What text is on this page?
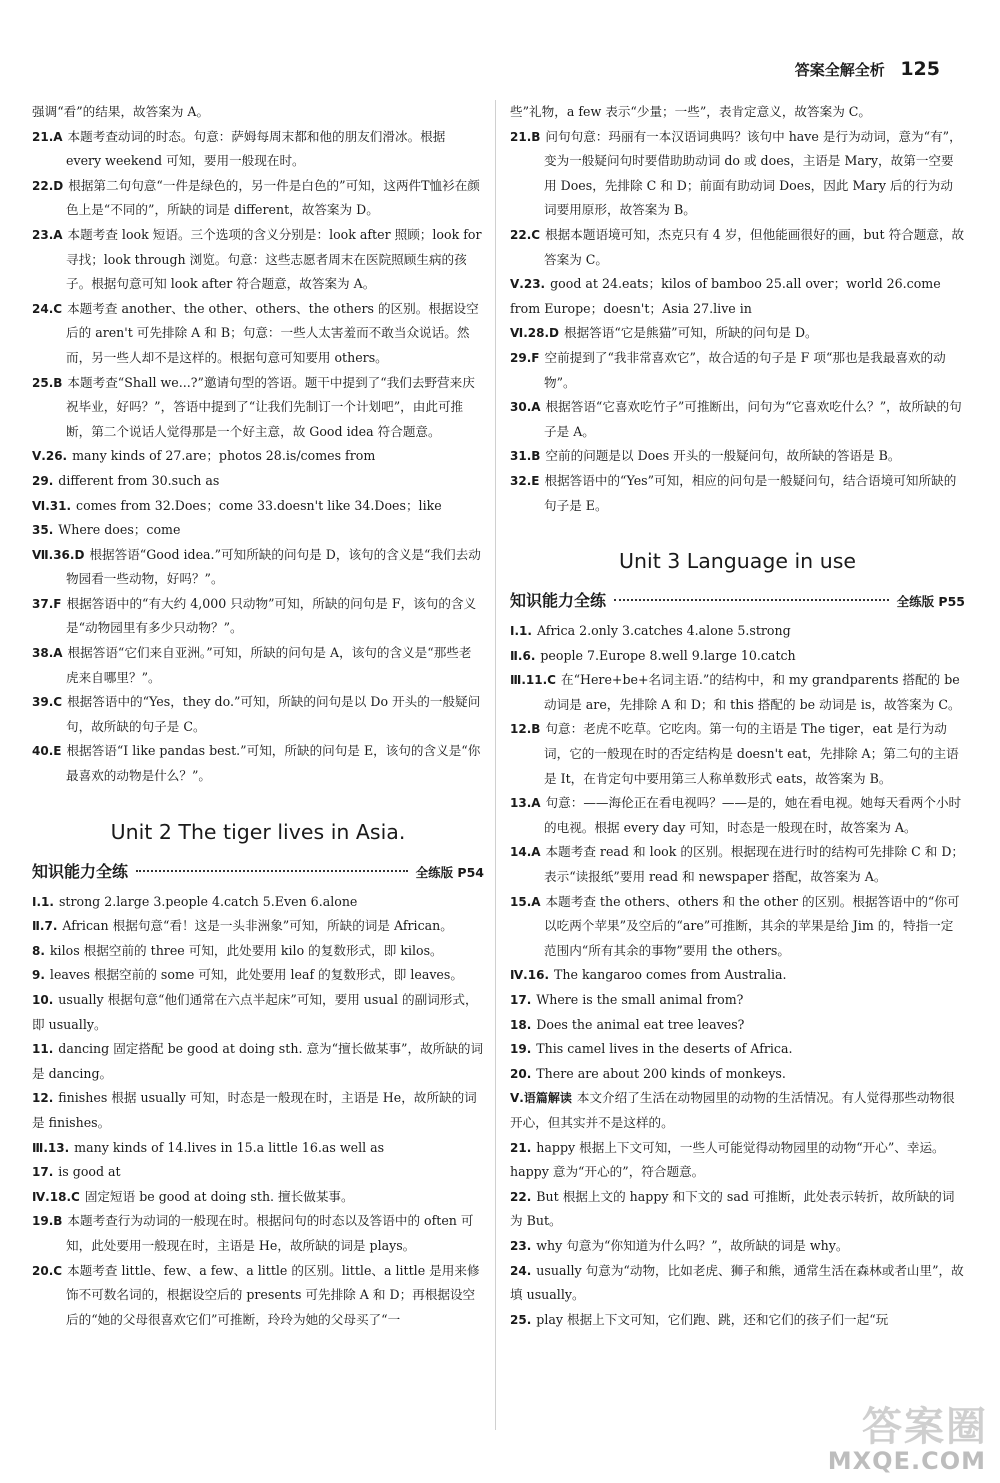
答案全解全析 125

强调“看”的结果，故答案为 A。

21.A 本题考查动词的时态。句意：萨姆每周末都和他的朋友们滑冰。根据 every weekend 可知，要用一般现在时。

22.D 根据第二句句意“一件是绿色的，另一件是白色的”可知，这两件T恤衫在颜色上是“不同的”，所缺的词是 different，故答案为 D。

23.A 本题考查 look 短语。三个选项的含义分别是：look after 照顾；look for 寻找；look through 浏览。句意：这些志愿者周末在医院照顾生病的孩子。根据句意可知 look after 符合题意，故答案为 A。

24.C 本题考查 another、the other、others、the others 的区别。根据设空后的 aren't 可先排除 A 和 B；句意：一些人太害羞而不敢当众说话。然而，另一些人却不是这样的。根据句意可知要用 others。

25.B 本题考查“Shall we...?”邀请句型的答语。题干中提到了“我们去野营来庆祝毕业，好吗？”，答语中提到了“让我们先制订一个计划吧”，由此可推断，第二个说话人觉得那是一个好主意，故 Good idea 符合题意。

Ⅴ.26. many kinds of 27.are；photos 28.is/comes from

29. different from 30.such as

Ⅵ.31. comes from 32.Does；come 33.doesn't like 34.Does；like

35. Where does；come

Ⅶ.36.D 根据答语“Good idea.”可知所缺的问句是 D，该句的含义是“我们去动物园看一些动物，好吗？”。

37.F 根据答语中的“有大约 4,000 只动物”可知，所缺的问句是 F，该句的含义是“动物园里有多少只动物？”。

38.A 根据答语“它们来自亚洲。”可知，所缺的问句是 A，该句的含义是“那些老虎来自哪里？”。

39.C 根据答语中的“Yes，they do.”可知，所缺的问句是以 Do 开头的一般疑问句，故所缺的句子是 C。

40.E 根据答语“I like pandas best.”可知，所缺的问句是 E，该句的含义是“你最喜欢的动物是什么？”。

Unit 2 The tiger lives in Asia.
知识能力全练	全练版 P54

Ⅰ.1. strong 2.large 3.people 4.catch 5.Even 6.alone

Ⅱ.7. African 根据句意“看！这是一头非洲象”可知，所缺的词是 African。

8. kilos 根据空前的 three 可知，此处要用 kilo 的复数形式，即 kilos。

9. leaves 根据空前的 some 可知，此处要用 leaf 的复数形式，即 leaves。

10. usually 根据句意“他们通常在六点半起床”可知，要用 usual 的副词形式，即 usually。

11. dancing 固定搭配 be good at doing sth. 意为“擅长做某事”，故所缺的词是 dancing。

12. finishes 根据 usually 可知，时态是一般现在时，主语是 He，故所缺的词是 finishes。

Ⅲ.13. many kinds of 14.lives in 15.a little 16.as well as

17. is good at

Ⅳ.18.C 固定短语 be good at doing sth. 擅长做某事。

19.B 本题考查行为动词的一般现在时。根据问句的时态以及答语中的 often 可知，此处要用一般现在时，主语是 He，故所缺的词是 plays。

20.C 本题考查 little、few、a few、a little 的区别。little、a little 是用来修饰不可数名词的，根据设空后的 presents 可先排除 A 和 D；再根据设空后的“她的父母很喜欢它们”可推断，玲玲为她的父母买了“一

些”礼物，a few 表示“少量；一些”，表肯定意义，故答案为 C。

21.B 问句句意：玛丽有一本汉语词典吗？该句中 have 是行为动词，意为“有”，变为一般疑问句时要借助助动词 do 或 does，主语是 Mary，故第一空要用 Does，先排除 C 和 D；前面有助动词 Does，因此 Mary 后的行为动词要用原形，故答案为 B。

22.C 根据本题语境可知，杰克只有 4 岁，但他能画很好的画，but 符合题意，故答案为 C。

Ⅴ.23. good at 24.eats；kilos of bamboo 25.all over；world 26.come from Europe；doesn't；Asia 27.live in

Ⅵ.28.D 根据答语“它是熊猫”可知，所缺的问句是 D。

29.F 空前提到了“我非常喜欢它”，故合适的句子是 F 项“那也是我最喜欢的动物”。

30.A 根据答语“它喜欢吃竹子”可推断出，问句为“它喜欢吃什么？”，故所缺的句子是 A。

31.B 空前的问题是以 Does 开头的一般疑问句，故所缺的答语是 B。

32.E 根据答语中的“Yes”可知，相应的问句是一般疑问句，结合语境可知所缺的句子是 E。

Unit 3 Language in use
知识能力全练	全练版 P55

Ⅰ.1. Africa 2.only 3.catches 4.alone 5.strong

Ⅱ.6. people 7.Europe 8.well 9.large 10.catch

Ⅲ.11.C 在“Here+be+名词主语.”的结构中，和 my grandparents 搭配的 be 动词是 are，先排除 A 和 D；和 this 搭配的 be 动词是 is，故答案为 C。

12.B 句意：老虎不吃草。它吃肉。第一句的主语是 The tiger，eat 是行为动词，它的一般现在时的否定结构是 doesn't eat，先排除 A；第二句的主语是 It，在肯定句中要用第三人称单数形式 eats，故答案为 B。

13.A 句意：——海伦正在看电视吗？——是的，她在看电视。她每天看两个小时的电视。根据 every day 可知，时态是一般现在时，故答案为 A。

14.A 本题考查 read 和 look 的区别。根据现在进行时的结构可先排除 C 和 D；表示“读报纸”要用 read 和 newspaper 搭配，故答案为 A。

15.A 本题考查 the others、others 和 the other 的区别。根据答语中的“你可以吃两个苹果”及空后的“are”可推断，其余的苹果是给 Jim 的，特指一定范围内“所有其余的事物”要用 the others。

Ⅳ.16. The kangaroo comes from Australia.

17. Where is the small animal from?

18. Does the animal eat tree leaves?

19. This camel lives in the deserts of Africa.

20. There are about 200 kinds of monkeys.

Ⅴ.语篇解读 本文介绍了生活在动物园里的动物的生活情况。有人觉得那些动物很开心，但其实并不是这样的。

21. happy 根据上下文可知，一些人可能觉得动物园里的动物“开心”、幸运。happy 意为“开心的”，符合题意。

22. But 根据上文的 happy 和下文的 sad 可推断，此处表示转折，故所缺的词为 But。

23. why 句意为“你知道为什么吗？”，故所缺的词是 why。

24. usually 句意为“动物，比如老虎、狮子和熊，通常生活在森林或者山里”，故填 usually。

25. play 根据上下文可知，它们跑、跳，还和它们的孩子们一起“玩

答案圈
MXQE.COM
